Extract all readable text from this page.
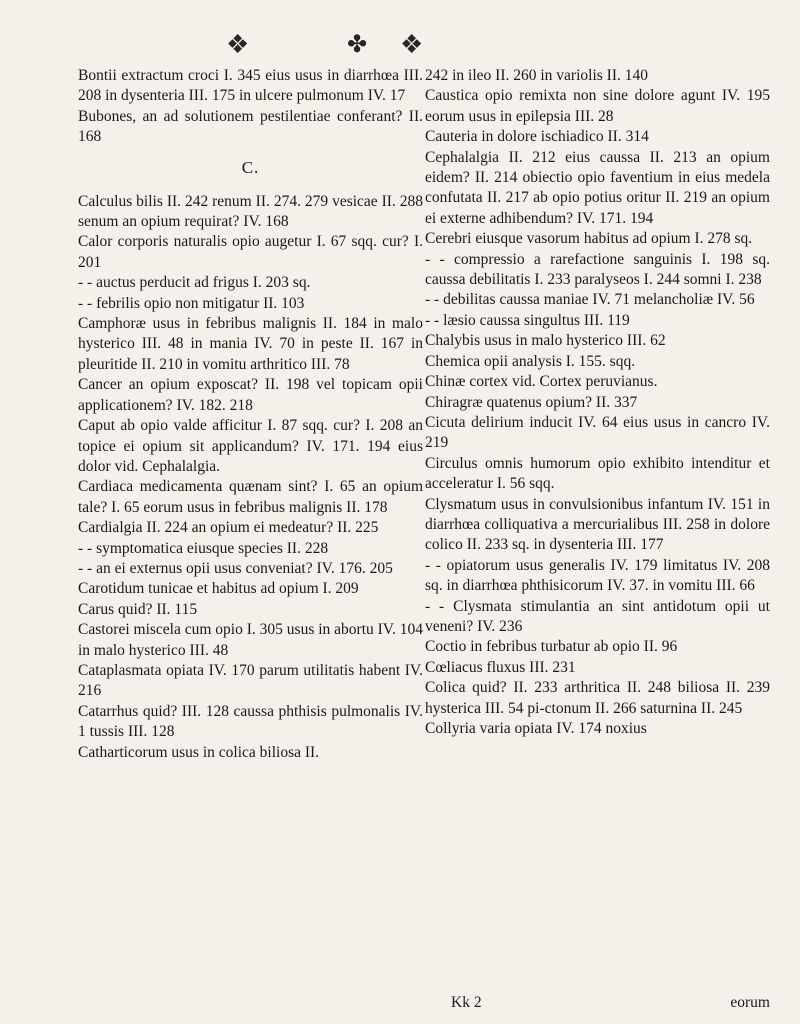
❖	✤ ❖

Bontii extractum croci I. 345 eius usus in diarrhœa III. 208 in dysenteria III. 175 in ulcere pulmonum IV. 17

Bubones, an ad solutionem pestilentiae conferant? II. 168

C.

Calculus bilis II. 242 renum II. 274. 279 vesicae II. 288 senum an opium requirat? IV. 168

Calor corporis naturalis opio augetur I. 67 sqq. cur? I. 201

- - auctus perducit ad frigus I. 203 sq.

- - febrilis opio non mitigatur II. 103

Camphoræ usus in febribus malignis II. 184 in malo hysterico III. 48 in mania IV. 70 in peste II. 167 in pleuritide II. 210 in vomitu arthritico III. 78

Cancer an opium exposcat? II. 198 vel topicam opii applicationem? IV. 182. 218

Caput ab opio valde afficitur I. 87 sqq. cur? I. 208 an topice ei opium sit applicandum? IV. 171. 194 eius dolor vid. Cephalalgia.

Cardiaca medicamenta quænam sint? I. 65 an opium tale? I. 65 eorum usus in febribus malignis II. 178

Cardialgia II. 224 an opium ei medeatur? II. 225

- - symptomatica eiusque species II. 228

- - an ei externus opii usus conveniat? IV. 176. 205

Carotidum tunicae et habitus ad opium I. 209

Carus quid? II. 115

Castorei miscela cum opio I. 305 usus in abortu IV. 104 in malo hysterico III. 48

Cataplasmata opiata IV. 170 parum utilitatis habent IV. 216

Catarrhus quid? III. 128 caussa phthisis pulmonalis IV. 1 tussis III. 128

Catharticorum usus in colica biliosa II.

242 in ileo II. 260 in variolis II. 140

Caustica opio remixta non sine dolore agunt IV. 195 eorum usus in epilepsia III. 28

Cauteria in dolore ischiadico II. 314

Cephalalgia II. 212 eius caussa II. 213 an opium eidem? II. 214 obiectio opio faventium in eius medela confutata II. 217 ab opio potius oritur II. 219 an opium ei externe adhibendum? IV. 171. 194

Cerebri eiusque vasorum habitus ad opium I. 278 sq.

- - compressio a rarefactione sanguinis I. 198 sq. caussa debilitatis I. 233 paralyseos I. 244 somni I. 238

- - debilitas caussa maniae IV. 71 melancholiæ IV. 56

- - læsio caussa singultus III. 119

Chalybis usus in malo hysterico III. 62

Chemica opii analysis I. 155. sqq.

Chinæ cortex vid. Cortex peruvianus.

Chiragræ quatenus opium? II. 337

Cicuta delirium inducit IV. 64 eius usus in cancro IV. 219

Circulus omnis humorum opio exhibito intenditur et acceleratur I. 56 sqq.

Clysmatum usus in convulsionibus infantum IV. 151 in diarrhœa colliquativa a mercurialibus III. 258 in dolore colico II. 233 sq. in dysenteria III. 177

- - opiatorum usus generalis IV. 179 limitatus IV. 208 sq. in diarrhœa phthisicorum IV. 37. in vomitu III. 66

- - Clysmata stimulantia an sint antidotum opii ut veneni? IV. 236

Coctio in febribus turbatur ab opio II. 96

Cœliacus fluxus III. 231

Colica quid? II. 233 arthritica II. 248 biliosa II. 239 hysterica III. 54 pi-ctonum II. 266 saturnina II. 245

Collyria varia opiata IV. 174 noxius

Kk 2	eorum
